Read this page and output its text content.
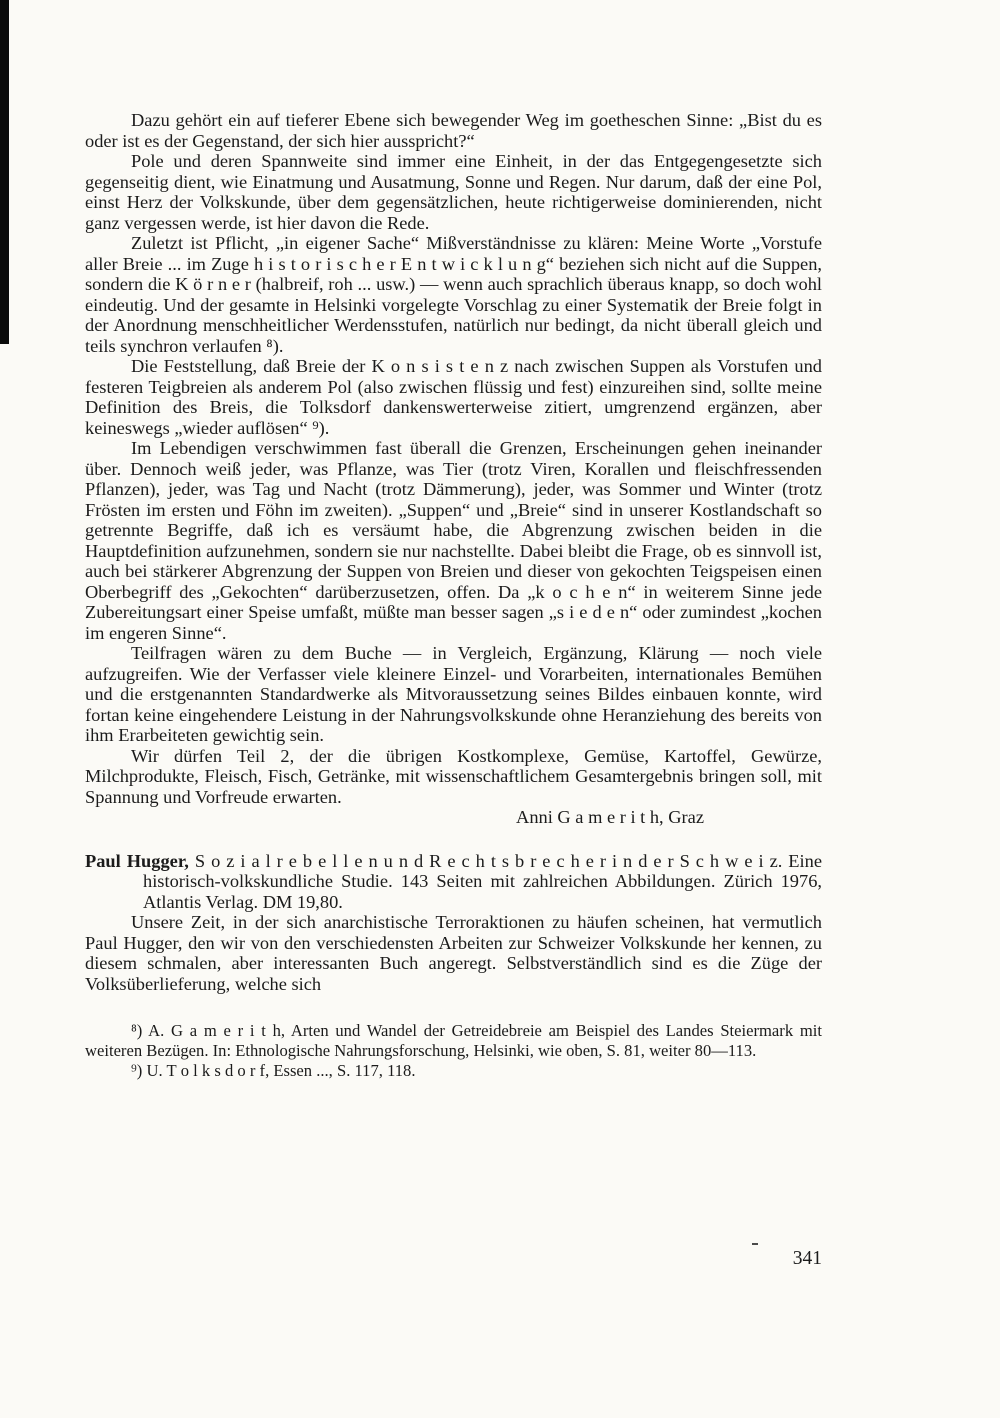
Dazu gehört ein auf tieferer Ebene sich bewegender Weg im goetheschen Sinne: „Bist du es oder ist es der Gegenstand, der sich hier ausspricht?“

Pole und deren Spannweite sind immer eine Einheit, in der das Entgegengesetzte sich gegenseitig dient, wie Einatmung und Ausatmung, Sonne und Regen. Nur darum, daß der eine Pol, einst Herz der Volkskunde, über dem gegensätzlichen, heute richtigerweise dominierenden, nicht ganz vergessen werde, ist hier davon die Rede.

Zuletzt ist Pflicht, „in eigener Sache“ Mißverständnisse zu klären: Meine Worte „Vorstufe aller Breie ... im Zuge h i s t o r i s c h e r E n t w i c k l u n g“ beziehen sich nicht auf die Suppen, sondern die K ö r n e r (halbreif, roh ... usw.) — wenn auch sprachlich überaus knapp, so doch wohl eindeutig. Und der gesamte in Helsinki vorgelegte Vorschlag zu einer Systematik der Breie folgt in der Anordnung menschheitlicher Werdensstufen, natürlich nur bedingt, da nicht überall gleich und teils synchron verlaufen ⁸).

Die Feststellung, daß Breie der K o n s i s t e n z nach zwischen Suppen als Vorstufen und festeren Teigbreien als anderem Pol (also zwischen flüssig und fest) einzureihen sind, sollte meine Definition des Breis, die Tolksdorf dankenswerterweise zitiert, umgrenzend ergänzen, aber keineswegs „wieder auflösen“ ⁹).

Im Lebendigen verschwimmen fast überall die Grenzen, Erscheinungen gehen ineinander über. Dennoch weiß jeder, was Pflanze, was Tier (trotz Viren, Korallen und fleischfressenden Pflanzen), jeder, was Tag und Nacht (trotz Dämmerung), jeder, was Sommer und Winter (trotz Frösten im ersten und Föhn im zweiten). „Suppen“ und „Breie“ sind in unserer Kostlandschaft so getrennte Begriffe, daß ich es versäumt habe, die Abgrenzung zwischen beiden in die Hauptdefinition aufzunehmen, sondern sie nur nachstellte. Dabei bleibt die Frage, ob es sinnvoll ist, auch bei stärkerer Abgrenzung der Suppen von Breien und dieser von gekochten Teigspeisen einen Oberbegriff des „Gekochten“ darüberzusetzen, offen. Da „k o c h e n“ in weiterem Sinne jede Zubereitungsart einer Speise umfaßt, müßte man besser sagen „s i e d e n“ oder zumindest „kochen im engeren Sinne“.

Teilfragen wären zu dem Buche — in Vergleich, Ergänzung, Klärung — noch viele aufzugreifen. Wie der Verfasser viele kleinere Einzel- und Vorarbeiten, internationales Bemühen und die erstgenannten Standardwerke als Mitvoraussetzung seines Bildes einbauen konnte, wird fortan keine eingehendere Leistung in der Nahrungsvolkskunde ohne Heranziehung des bereits von ihm Erarbeiteten gewichtig sein.

Wir dürfen Teil 2, der die übrigen Kostkomplexe, Gemüse, Kartoffel, Gewürze, Milchprodukte, Fleisch, Fisch, Getränke, mit wissenschaftlichem Gesamtergebnis bringen soll, mit Spannung und Vorfreude erwarten.

Anni G a m e r i t h, Graz

Paul Hugger, S o z i a l r e b e l l e n u n d R e c h t s b r e c h e r i n d e r S c h w e i z. Eine historisch-volkskundliche Studie. 143 Seiten mit zahlreichen Abbildungen. Zürich 1976, Atlantis Verlag. DM 19,80.

Unsere Zeit, in der sich anarchistische Terroraktionen zu häufen scheinen, hat vermutlich Paul Hugger, den wir von den verschiedensten Arbeiten zur Schweizer Volkskunde her kennen, zu diesem schmalen, aber interessanten Buch angeregt. Selbstverständlich sind es die Züge der Volksüberlieferung, welche sich

⁸) A. G a m e r i t h, Arten und Wandel der Getreidebreie am Beispiel des Landes Steiermark mit weiteren Bezügen. In: Ethnologische Nahrungsforschung, Helsinki, wie oben, S. 81, weiter 80—113.

⁹) U. T o l k s d o r f, Essen ..., S. 117, 118.

341
